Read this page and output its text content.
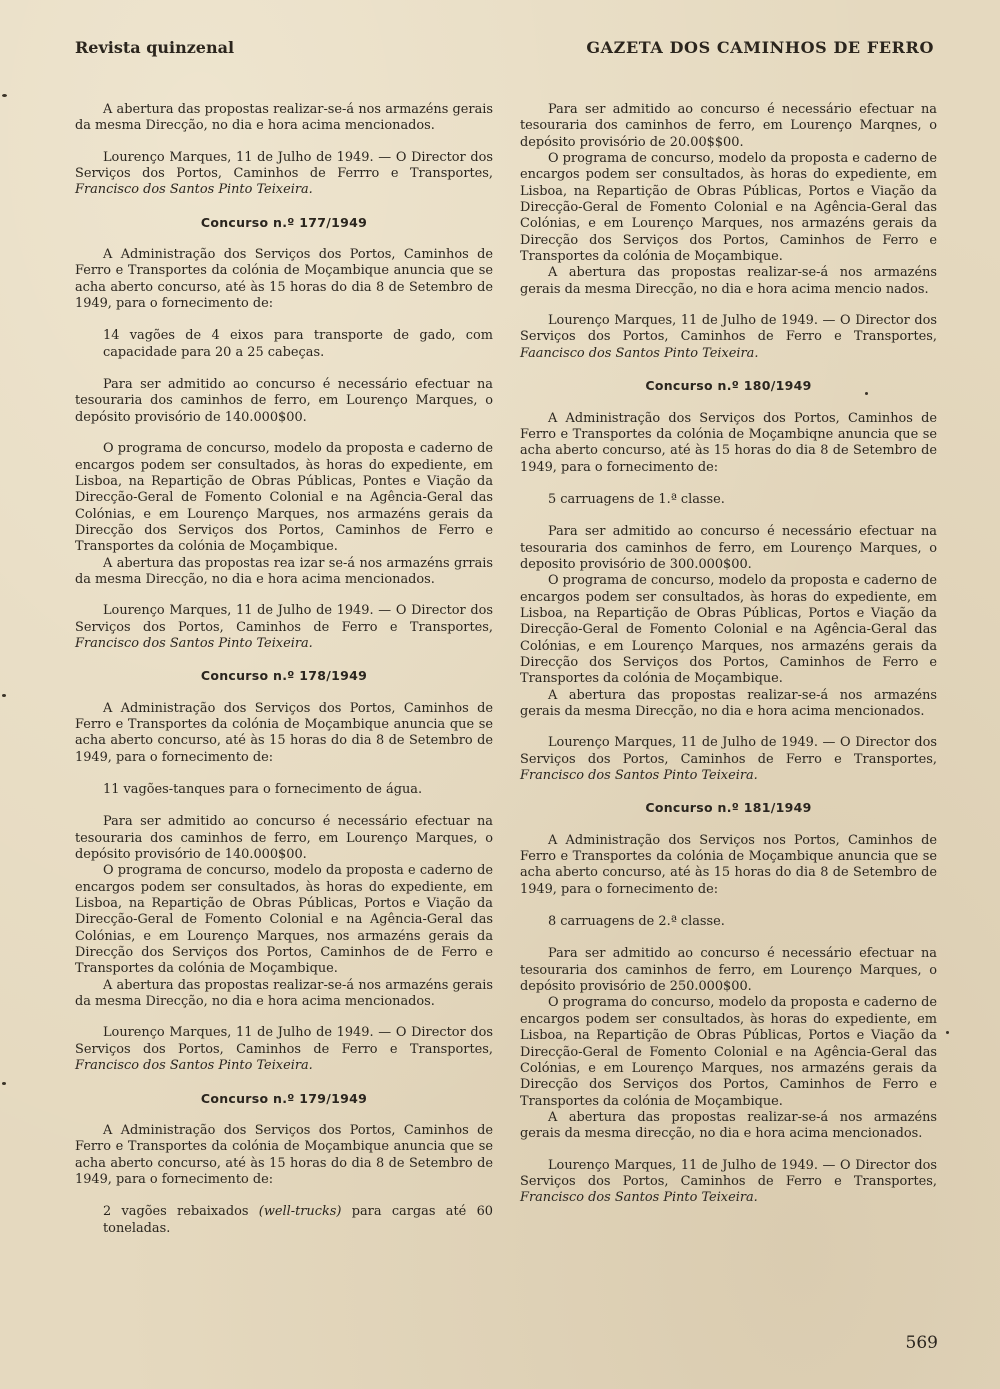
Revista quinzenal	GAZETA DOS CAMINHOS DE FERRO

A abertura das propostas realizar-se-á nos armazéns gerais da mesma Direcção, no dia e hora acima mencionados.

Lourenço Marques, 11 de Julho de 1949. — O Director dos Serviços dos Portos, Caminhos de Ferrro e Transportes, Francisco dos Santos Pinto Teixeira.

Concurso n.º 177/1949

A Administração dos Serviços dos Portos, Caminhos de Ferro e Transportes da colónia de Moçambique anuncia que se acha aberto concurso, até às 15 horas do dia 8 de Setembro de 1949, para o fornecimento de:

14 vagões de 4 eixos para transporte de gado, com capacidade para 20 a 25 cabeças.

Para ser admitido ao concurso é necessário efectuar na tesouraria dos caminhos de ferro, em Lourenço Marques, o depósito provisório de 140.000$00.

O programa de concurso, modelo da proposta e caderno de encargos podem ser consultados, às horas do expediente, em Lisboa, na Repartição de Obras Públicas, Pontes e Viação da Direcção-Geral de Fomento Colonial e na Agência-Geral das Colónias, e em Lourenço Marques, nos armazéns gerais da Direcção dos Serviços dos Portos, Caminhos de Ferro e Transportes da colónia de Moçambique.

A abertura das propostas rea izar se-á nos armazéns grrais da mesma Direcção, no dia e hora acima mencionados.

Lourenço Marques, 11 de Julho de 1949. — O Director dos Serviços dos Portos, Caminhos de Ferro e Transportes, Francisco dos Santos Pinto Teixeira.

Concurso n.º 178/1949

A Administração dos Serviços dos Portos, Caminhos de Ferro e Transportes da colónia de Moçambique anuncia que se acha aberto concurso, até às 15 horas do dia 8 de Setembro de 1949, para o fornecimento de:

11 vagões-tanques para o fornecimento de água.

Para ser admitido ao concurso é necessário efectuar na tesouraria dos caminhos de ferro, em Lourenço Marques, o depósito provisório de 140.000$00.

O programa de concurso, modelo da proposta e caderno de encargos podem ser consultados, às horas do expediente, em Lisboa, na Repartição de Obras Públicas, Portos e Viação da Direcção-Geral de Fomento Colonial e na Agência-Geral das Colónias, e em Lourenço Marques, nos armazéns gerais da Direcção dos Serviços dos Portos, Caminhos de de Ferro e Transportes da colónia de Moçambique.

A abertura das propostas realizar-se-á nos armazéns gerais da mesma Direcção, no dia e hora acima mencionados.

Lourenço Marques, 11 de Julho de 1949. — O Director dos Serviços dos Portos, Caminhos de Ferro e Transportes, Francisco dos Santos Pinto Teixeira.

Concurso n.º 179/1949

A Administração dos Serviços dos Portos, Caminhos de Ferro e Transportes da colónia de Moçambique anuncia que se acha aberto concurso, até às 15 horas do dia 8 de Setembro de 1949, para o fornecimento de:

2 vagões rebaixados (well-trucks) para cargas até 60 toneladas.

Para ser admitido ao concurso é necessário efectuar na tesouraria dos caminhos de ferro, em Lourenço Marqnes, o depósito provisório de 20.00$$00.

O programa de concurso, modelo da proposta e caderno de encargos podem ser consultados, às horas do expediente, em Lisboa, na Repartição de Obras Públicas, Portos e Viação da Direcção-Geral de Fomento Colonial e na Agência-Geral das Colónias, e em Lourenço Marques, nos armazéns gerais da Direcção dos Serviços dos Portos, Caminhos de Ferro e Transportes da colónia de Moçambique.

A abertura das propostas realizar-se-á nos armazéns gerais da mesma Direcção, no dia e hora acima mencio nados.

Lourenço Marques, 11 de Julho de 1949. — O Director dos Serviços dos Portos, Caminhos de Ferro e Transportes, Faancisco dos Santos Pinto Teixeira.

Concurso n.º 180/1949

A Administração dos Serviços dos Portos, Caminhos de Ferro e Transportes da colónia de Moçambiqne anuncia que se acha aberto concurso, até às 15 horas do dia 8 de Setembro de 1949, para o fornecimento de:

5 carruagens de 1.ª classe.

Para ser admitido ao concurso é necessário efectuar na tesouraria dos caminhos de ferro, em Lourenço Marques, o deposito provisório de 300.000$00.

O programa de concurso, modelo da proposta e caderno de encargos podem ser consultados, às horas do expediente, em Lisboa, na Repartição de Obras Públicas, Portos e Viação da Direcção-Geral de Fomento Colonial e na Agência-Geral das Colónias, e em Lourenço Marques, nos armazéns gerais da Direcção dos Serviços dos Portos, Caminhos de Ferro e Transportes da colónia de Moçambique.

A abertura das propostas realizar-se-á nos armazéns gerais da mesma Direcção, no dia e hora acima mencionados.

Lourenço Marques, 11 de Julho de 1949. — O Director dos Serviços dos Portos, Caminhos de Ferro e Transportes, Francisco dos Santos Pinto Teixeira.

Concurso n.º 181/1949

A Administração dos Serviços nos Portos, Caminhos de Ferro e Transportes da colónia de Moçambique anuncia que se acha aberto concurso, até às 15 horas do dia 8 de Setembro de 1949, para o fornecimento de:

8 carruagens de 2.ª classe.

Para ser admitido ao concurso é necessário efectuar na tesouraria dos caminhos de ferro, em Lourenço Marques, o depósito provisório de 250.000$00.

O programa do concurso, modelo da proposta e caderno de encargos podem ser consultados, às horas do expediente, em Lisboa, na Repartição de Obras Públicas, Portos e Viação da Direcção-Geral de Fomento Colonial e na Agência-Geral das Colónias, e em Lourenço Marques, nos armazéns gerais da Direcção dos Serviços dos Portos, Caminhos de Ferro e Transportes da colónia de Moçambique.

A abertura das propostas realizar-se-á nos armazéns gerais da mesma direcção, no dia e hora acima mencionados.

Lourenço Marques, 11 de Julho de 1949. — O Director dos Serviços dos Portos, Caminhos de Ferro e Transportes, Francisco dos Santos Pinto Teixeira.

569
